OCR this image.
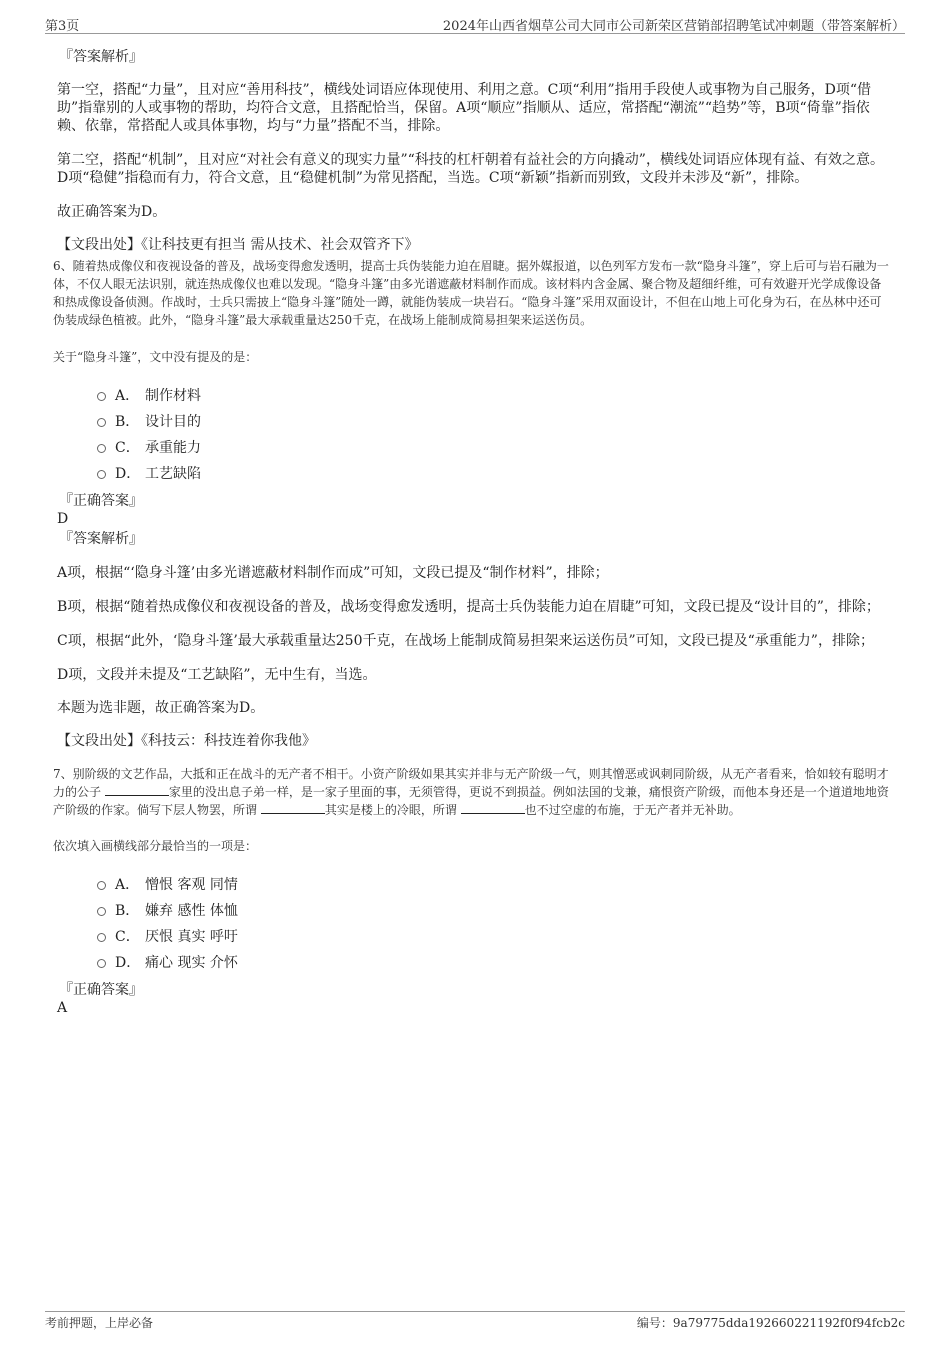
第3页	2024年山西省烟草公司大同市公司新荣区营销部招聘笔试冲刺题（带答案解析）
『答案解析』

第一空，搭配“力量”，且对应“善用科技”，横线处词语应体现使用、利用之意。C项“利用”指用手段使人或事物为自己服务，D项“借助”指靠别的人或事物的帮助，均符合文意，且搭配恰当，保留。A项“顺应”指顺从、适应，常搭配“潮流”“趋势”等，B项“倚靠”指依赖、依靠，常搭配人或具体事物，均与“力量”搭配不当，排除。

第二空，搭配“机制”，且对应“对社会有意义的现实力量”“科技的杠杆朝着有益社会的方向撬动”，横线处词语应体现有益、有效之意。D项“稳健”指稳而有力，符合文意，且“稳健机制”为常见搭配，当选。C项“新颖”指新而别致，文段并未涉及“新”，排除。

故正确答案为D。

【文段出处】《让科技更有担当 需从技术、社会双管齐下》

6、随着热成像仪和夜视设备的普及，战场变得愈发透明，提高士兵伪装能力迫在眉睫。据外媒报道，以色列军方发布一款“隐身斗篷”，穿上后可与岩石融为一体，不仅人眼无法识别，就连热成像仪也难以发现。“隐身斗篷”由多光谱遮蔽材料制作而成。该材料内含金属、聚合物及超细纤维，可有效避开光学成像设备和热成像设备侦测。作战时，士兵只需披上“隐身斗篷”随处一蹲，就能伪装成一块岩石。“隐身斗篷”采用双面设计，不但在山地上可化身为石，在丛林中还可伪装成绿色植被。此外，“隐身斗篷”最大承载重量达250千克，在战场上能制成简易担架来运送伤员。

关于“隐身斗篷”，文中没有提及的是：

A． 制作材料
B． 设计目的
C． 承重能力
D． 工艺缺陷
『正确答案』
D
『答案解析』

A项，根据“‘隐身斗篷’由多光谱遮蔽材料制作而成”可知，文段已提及“制作材料”，排除；

B项，根据“随着热成像仪和夜视设备的普及，战场变得愈发透明，提高士兵伪装能力迫在眉睫”可知，文段已提及“设计目的”，排除；

C项，根据“此外，‘隐身斗篷’最大承载重量达250千克，在战场上能制成简易担架来运送伤员”可知，文段已提及“承重能力”，排除；

D项，文段并未提及“工艺缺陷”，无中生有，当选。

本题为选非题，故正确答案为D。

【文段出处】《科技云：科技连着你我他》

7、别阶级的文艺作品，大抵和正在战斗的无产者不相干。小资产阶级如果其实并非与无产阶级一气，则其憎恶或讽刺同阶级，从无产者看来，恰如较有聪明才力的公子	家里的没出息子弟一样，是一家子里面的事，无须管得，更说不到损益。例如法国的戈兼，痛恨资产阶级，而他本身还是一个道道地地资产阶级的作家。倘写下层人物罢，所谓	其实是楼上的冷眼，所谓	也不过空虚的布施，于无产者并无补助。

依次填入画横线部分最恰当的一项是：

A． 憎恨 客观 同情
B． 嫌弃 感性 体恤
C． 厌恨 真实 呼吁
D． 痛心 现实 介怀
『正确答案』
A
考前押题，上岸必备	编号：9a79775dda192660221192f0f94fcb2c
